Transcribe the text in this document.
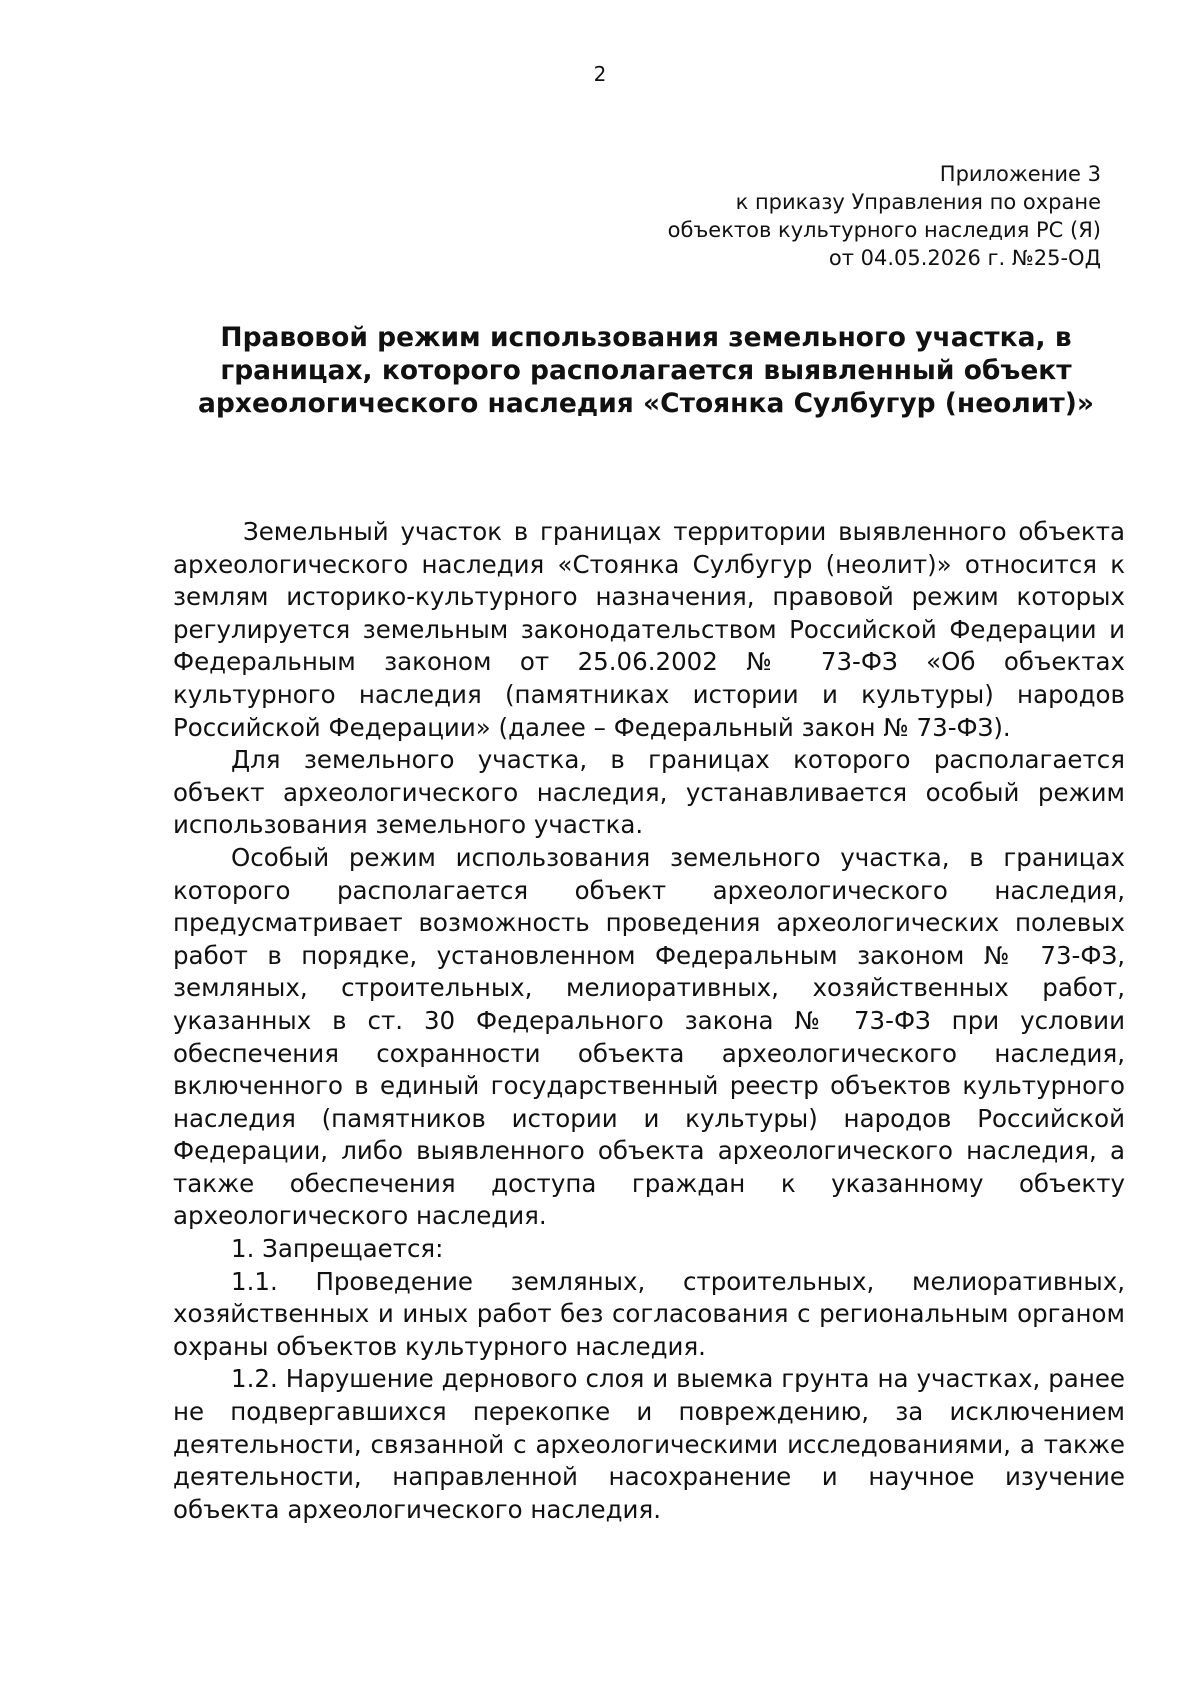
2
Приложение 3
к приказу Управления по охране
объектов культурного наследия РС (Я)
от 04.05.2026 г. №25-ОД
Правовой режим использования земельного участка, в границах, которого располагается выявленный объект археологического наследия «Стоянка Сулбугур (неолит)»

Земельный участок в границах территории выявленного объекта археологического наследия «Стоянка Сулбугур (неолит)» относится к землям историко-культурного назначения, правовой режим которых регулируется земельным законодательством Российской Федерации и Федеральным законом от 25.06.2002 № 73-ФЗ «Об объектах культурного наследия (памятниках истории и культуры) народов Российской Федерации» (далее – Федеральный закон № 73-ФЗ).

Для земельного участка, в границах которого располагается объект археологического наследия, устанавливается особый режим использования земельного участка.

Особый режим использования земельного участка, в границах которого располагается объект археологического наследия, предусматривает возможность проведения археологических полевых работ в порядке, установленном Федеральным законом № 73-ФЗ, земляных, строительных, мелиоративных, хозяйственных работ, указанных в ст. 30 Федерального закона № 73-ФЗ при условии обеспечения сохранности объекта археологического наследия, включенного в единый государственный реестр объектов культурного наследия (памятников истории и культуры) народов Российской Федерации, либо выявленного объекта археологического наследия, а также обеспечения доступа граждан к указанному объекту археологического наследия.

1. Запрещается:

1.1. Проведение земляных, строительных, мелиоративных, хозяйственных и иных работ без согласования с региональным органом охраны объектов культурного наследия.

1.2. Нарушение дернового слоя и выемка грунта на участках, ранее не подвергавшихся перекопке и повреждению, за исключением деятельности, связанной с археологическими исследованиями, а также деятельности, направленной насохранение и научное изучение объекта археологического наследия.
